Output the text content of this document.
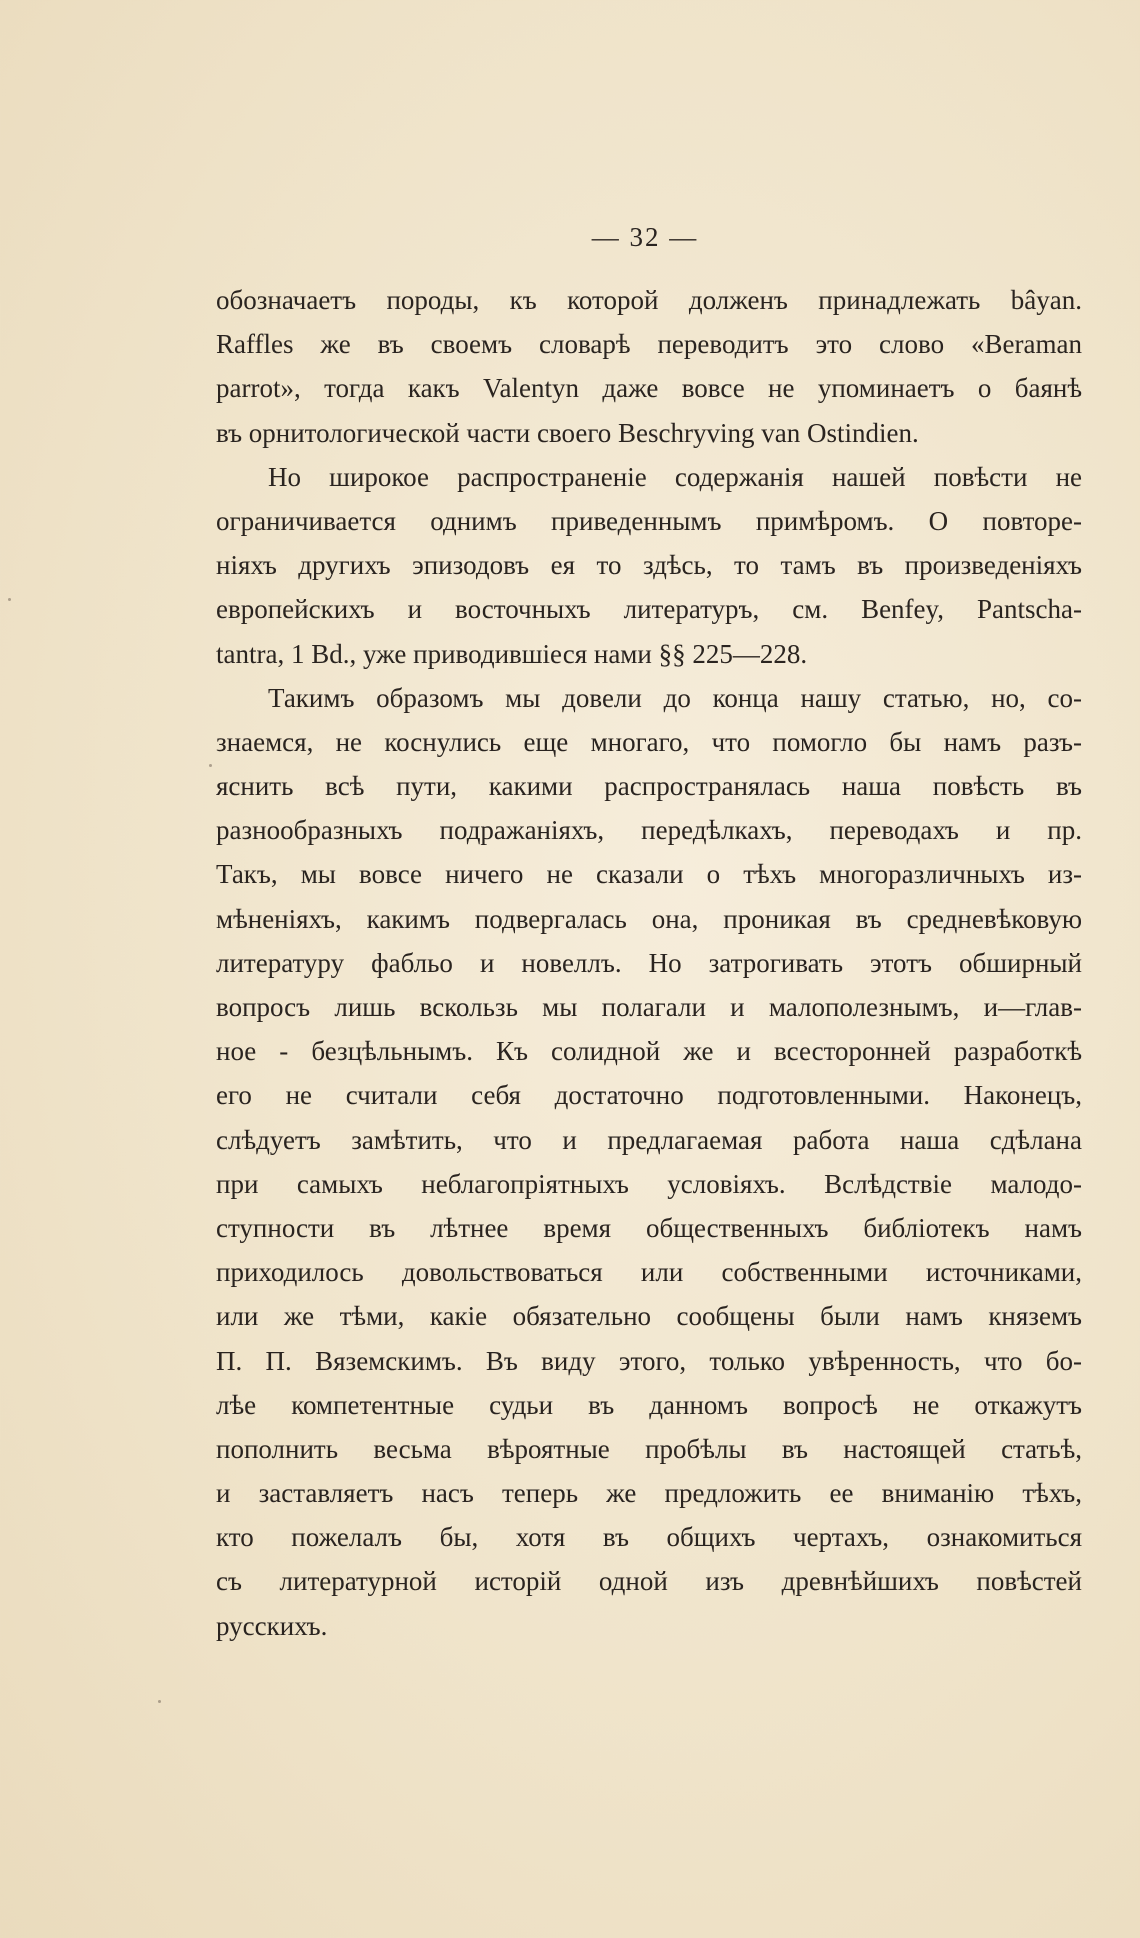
— 32 —
обозначаетъ породы, къ которой долженъ принадлежать bâyan.
Raffles же въ своемъ словарѣ переводитъ это слово «Beraman
parrot», тогда какъ Valentyn даже вовсе не упоминаетъ о баянѣ
въ орнитологической части своего Beschryving van Ostindien.
Но широкое распространеніе содержанія нашей повѣсти не
ограничивается однимъ приведеннымъ примѣромъ. О повторе-
ніяхъ другихъ эпизодовъ ея то здѣсь, то тамъ въ произведеніяхъ
европейскихъ и восточныхъ литературъ, см. Benfey, Pantscha-
tantra, 1 Bd., уже приводившiеся нами §§ 225—228.
Такимъ образомъ мы довели до конца нашу статью, но, со-
знаемся, не коснулись еще многаго, что помогло бы намъ разъ-
яснить всѣ пути, какими распространялась наша повѣсть въ
разнообразныхъ подражаніяхъ, передѣлкахъ, переводахъ и пр.
Такъ, мы вовсе ничего не сказали о тѣхъ многоразличныхъ из-
мѣненіяхъ, какимъ подвергалась она, проникая въ средневѣковую
литературу фабльо и новеллъ. Но затрогивать этотъ обширный
вопросъ лишь вскользь мы полагали и малополезнымъ, и—глав-
ное - безцѣльнымъ. Къ солидной же и всесторонней разработкѣ
его не считали себя достаточно подготовленными. Наконецъ,
слѣдуетъ замѣтить, что и предлагаемая работа наша сдѣлана
при самыхъ неблагопріятныхъ условіяхъ. Вслѣдствіе малодо-
ступности въ лѣтнее время общественныхъ библіотекъ намъ
приходилось довольствоваться или собственными источниками,
или же тѣми, какіе обязательно сообщены были намъ княземъ
П. П. Вяземскимъ. Въ виду этого, только увѣренность, что бо-
лѣе компетентные судьи въ данномъ вопросѣ не откажутъ
пополнить весьма вѣроятные пробѣлы въ настоящей статьѣ,
и заставляетъ насъ теперь же предложить ее вниманію тѣхъ,
кто пожелалъ бы, хотя въ общихъ чертахъ, ознакомиться
съ литературной исторій одной изъ древнѣйшихъ повѣстей
русскихъ.
